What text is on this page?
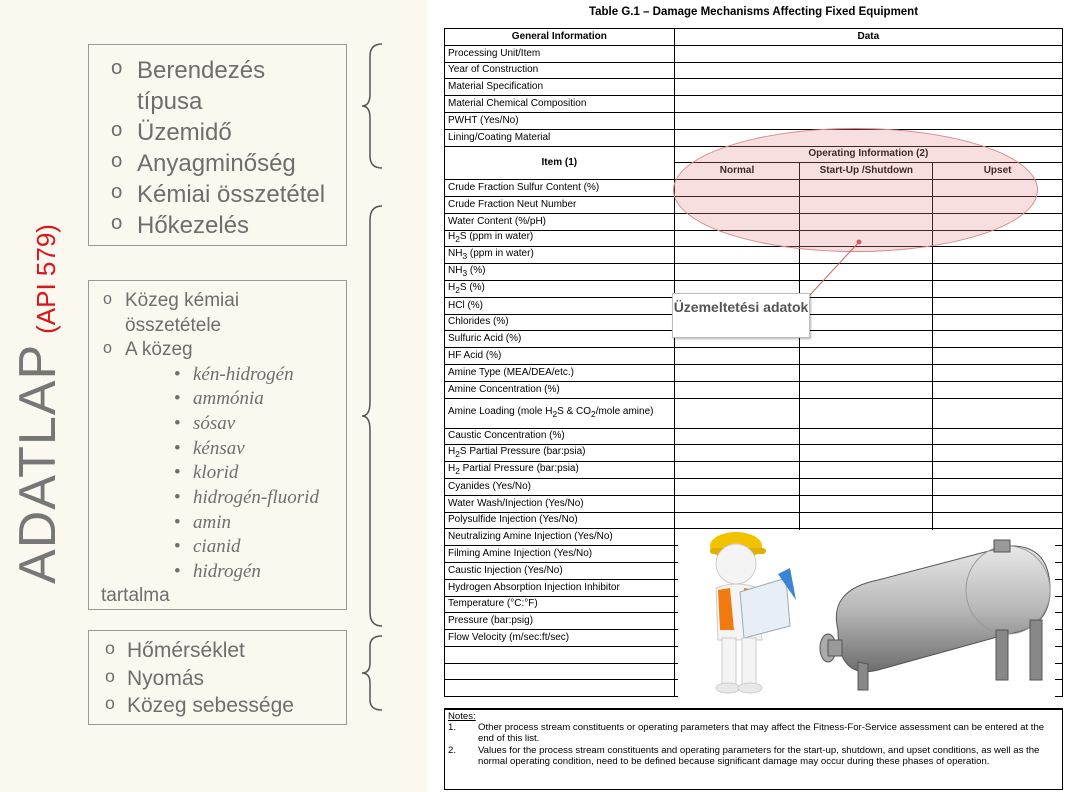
ADATLAP(API 579)
o Berendezés típusa
o Üzemidő
o Anyagminőség
o Kémiai összetétel
o Hőkezelés
o Közeg kémiai összetétele
o A közeg
• kén-hidrogén
• ammónia
• sósav
• kénsav
• klorid
• hidrogén-fluorid
• amin
• cianid
• hidrogén
tartalma
o Hőmérséklet
o Nyomás
o Közeg sebessége
Table G.1 – Damage Mechanisms Affecting Fixed Equipment
General Information	Data		
Processing Unit/Item			
Year of Construction			
Material Specification			
Material Chemical Composition			
PWHT (Yes/No)			
Lining/Coating Material			
Item (1)	Operating Information (2)		
	Normal	Start-Up /Shutdown	Upset
Crude Fraction Sulfur Content (%)			
Crude Fraction Neut Number			
Water Content (%/pH)			
$H_2S$ (ppm in water)			
$NH_3$ (ppm in water)			
$NH_3$ (%)			
$H_2S$ (%)			
HCl (%)			
Chlorides (%)			
Sulfuric Acid (%)			
HF Acid (%)			
Amine Type (MEA/DEA/etc.)			
Amine Concentration (%)			
Amine Loading (mole $H_2S$ & $CO_2$/mole amine)			
Caustic Concentration (%)			
$H_2S$ Partial Pressure (bar:psia)			
$H_2$ Partial Pressure (bar:psia)			
Cyanides (Yes/No)			
Water Wash/Injection (Yes/No)			
Polysulfide Injection (Yes/No)			
Neutralizing Amine Injection (Yes/No)			
Filming Amine Injection (Yes/No)			
Caustic Injection (Yes/No)			
Hydrogen Absorption Injection Inhibitor			
Temperature (°C:°F)			
Pressure (bar:psig)			
Flow Velocity (m/sec:ft/sec)			

Notes:
1.	Other process stream constituents or operating parameters that may affect the Fitness-For-Service assessment can be entered at the end of this list.
2.	Values for the process stream constituents and operating parameters for the start-up, shutdown, and upset conditions, as well as the normal operating condition, need to be defined because significant damage may occur during these phases of operation.
Üzemeltetési adatok
